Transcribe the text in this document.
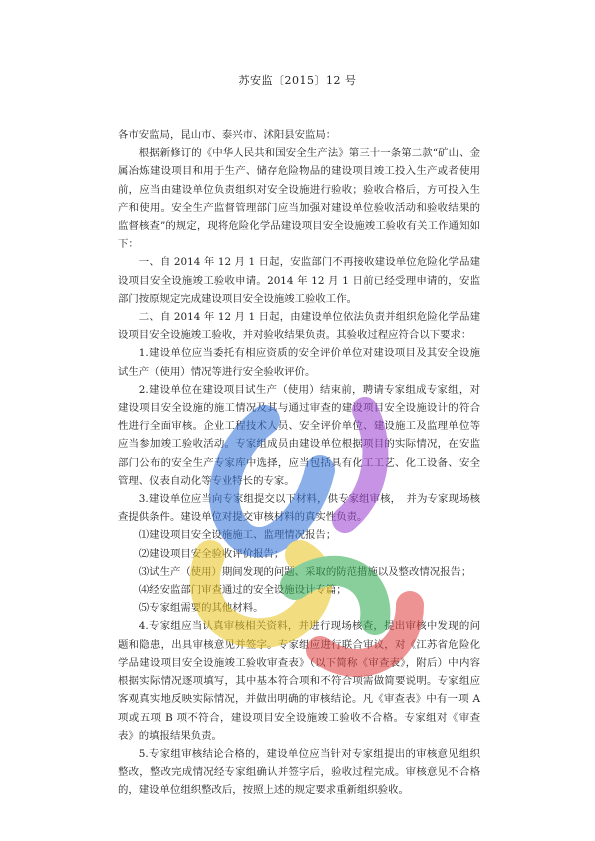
苏安监〔2015〕12 号

各市安监局，昆山市、泰兴市、沭阳县安监局：

根据新修订的《中华人民共和国安全生产法》第三十一条第二款“矿山、金属冶炼建设项目和用于生产、储存危险物品的建设项目竣工投入生产或者使用前，应当由建设单位负责组织对安全设施进行验收；验收合格后，方可投入生产和使用。安全生产监督管理部门应当加强对建设单位验收活动和验收结果的监督核查”的规定，现将危险化学品建设项目安全设施竣工验收有关工作通知如下：

一、自 2014 年 12 月 1 日起，安监部门不再接收建设单位危险化学品建设项目安全设施竣工验收申请。2014 年 12 月 1 日前已经受理申请的，安监部门按原规定完成建设项目安全设施竣工验收工作。

二、自 2014 年 12 月 1 日起，由建设单位依法负责并组织危险化学品建设项目安全设施竣工验收，并对验收结果负责。其验收过程应符合以下要求：

1.建设单位应当委托有相应资质的安全评价单位对建设项目及其安全设施试生产（使用）情况等进行安全验收评价。

2.建设单位在建设项目试生产（使用）结束前，聘请专家组成专家组，对建设项目安全设施的施工情况及其与通过审查的建设项目安全设施设计的符合性进行全面审核。企业工程技术人员、安全评价单位、建设施工及监理单位等应当参加竣工验收活动。专家组成员由建设单位根据项目的实际情况，在安监部门公布的安全生产专家库中选择，应当包括具有化工工艺、化工设备、安全管理、仪表自动化等专业特长的专家。

3.建设单位应当向专家组提交以下材料，供专家组审核，　并为专家现场核查提供条件。建设单位对提交审核材料的真实性负责。

⑴建设项目安全设施施工、监理情况报告；

⑵建设项目安全验收评价报告；

⑶试生产（使用）期间发现的问题、采取的防范措施以及整改情况报告；

⑷经安监部门审查通过的安全设施设计专篇；

⑸专家组需要的其他材料。

4.专家组应当认真审核相关资料，并进行现场核查，提出审核中发现的问题和隐患，出具审核意见并签字。专家组应进行联合审议，对《江苏省危险化学品建设项目安全设施竣工验收审查表》（以下简称《审查表》，附后）中内容根据实际情况逐项填写，其中基本符合项和不符合项需做简要说明。专家组应客观真实地反映实际情况，并做出明确的审核结论。凡《审查表》中有一项 A 项或五项 B 项不符合，建设项目安全设施竣工验收不合格。专家组对《审查表》的填报结果负责。

5.专家组审核结论合格的，建设单位应当针对专家组提出的审核意见组织整改，整改完成情况经专家组确认并签字后，验收过程完成。审核意见不合格的，建设单位组织整改后，按照上述的规定要求重新组织验收。
